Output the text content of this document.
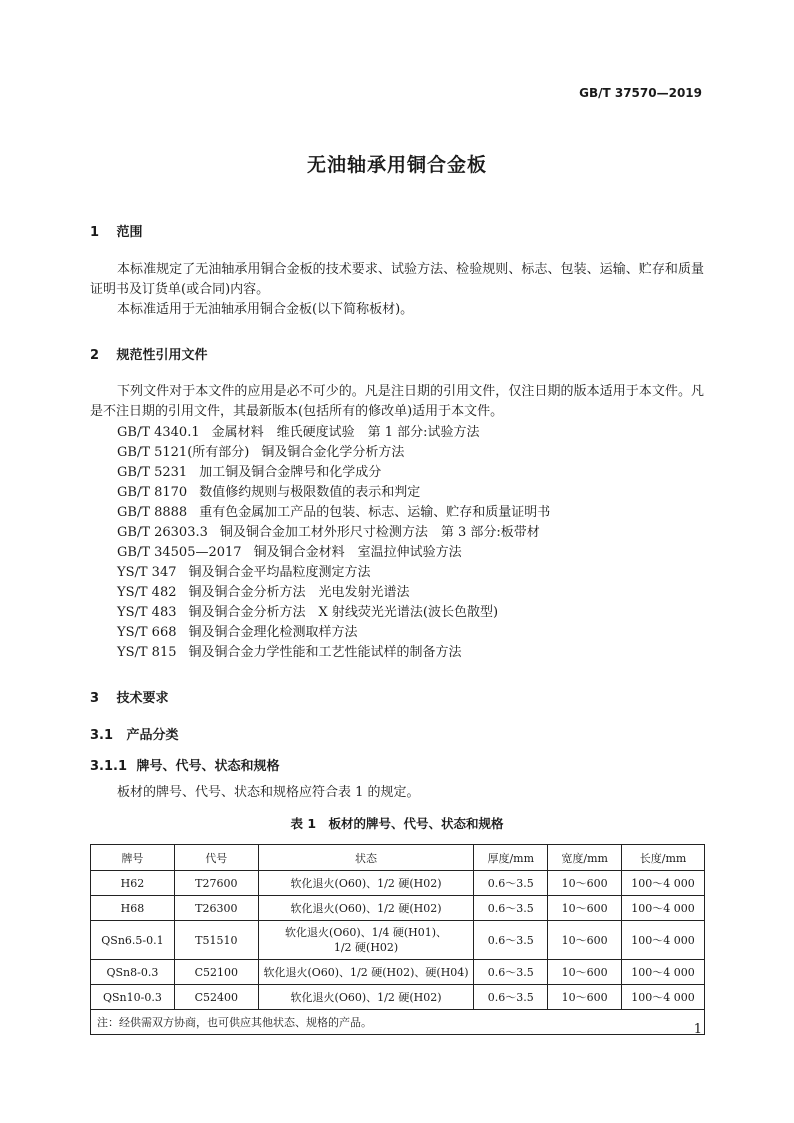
GB/T 37570—2019
无油轴承用铜合金板
1 范围
本标准规定了无油轴承用铜合金板的技术要求、试验方法、检验规则、标志、包装、运输、贮存和质量证明书及订货单(或合同)内容。
本标准适用于无油轴承用铜合金板(以下简称板材)。
2 规范性引用文件
下列文件对于本文件的应用是必不可少的。凡是注日期的引用文件，仅注日期的版本适用于本文件。凡是不注日期的引用文件，其最新版本(包括所有的修改单)适用于本文件。
GB/T 4340.1 金属材料　维氏硬度试验　第 1 部分:试验方法
GB/T 5121(所有部分) 铜及铜合金化学分析方法
GB/T 5231 加工铜及铜合金牌号和化学成分
GB/T 8170 数值修约规则与极限数值的表示和判定
GB/T 8888 重有色金属加工产品的包装、标志、运输、贮存和质量证明书
GB/T 26303.3 铜及铜合金加工材外形尺寸检测方法　第 3 部分:板带材
GB/T 34505—2017 铜及铜合金材料　室温拉伸试验方法
YS/T 347 铜及铜合金平均晶粒度测定方法
YS/T 482 铜及铜合金分析方法　光电发射光谱法
YS/T 483 铜及铜合金分析方法　X 射线荧光光谱法(波长色散型)
YS/T 668 铜及铜合金理化检测取样方法
YS/T 815 铜及铜合金力学性能和工艺性能试样的制备方法
3 技术要求
3.1 产品分类
3.1.1 牌号、代号、状态和规格
板材的牌号、代号、状态和规格应符合表 1 的规定。
表 1　板材的牌号、代号、状态和规格
牌号	代号	状态	厚度/mm	宽度/mm	长度/mm
H62	T27600	软化退火(O60)、1/2 硬(H02)	0.6～3.5	10～600	100～4 000
H68	T26300	软化退火(O60)、1/2 硬(H02)	0.6～3.5	10～600	100～4 000
QSn6.5-0.1	T51510	软化退火(O60)、1/4 硬(H01)、1/2 硬(H02)	0.6～3.5	10～600	100～4 000
QSn8-0.3	C52100	软化退火(O60)、1/2 硬(H02)、硬(H04)	0.6～3.5	10～600	100～4 000
QSn10-0.3	C52400	软化退火(O60)、1/2 硬(H02)	0.6～3.5	10～600	100～4 000
注：经供需双方协商，也可供应其他状态、规格的产品。						1
